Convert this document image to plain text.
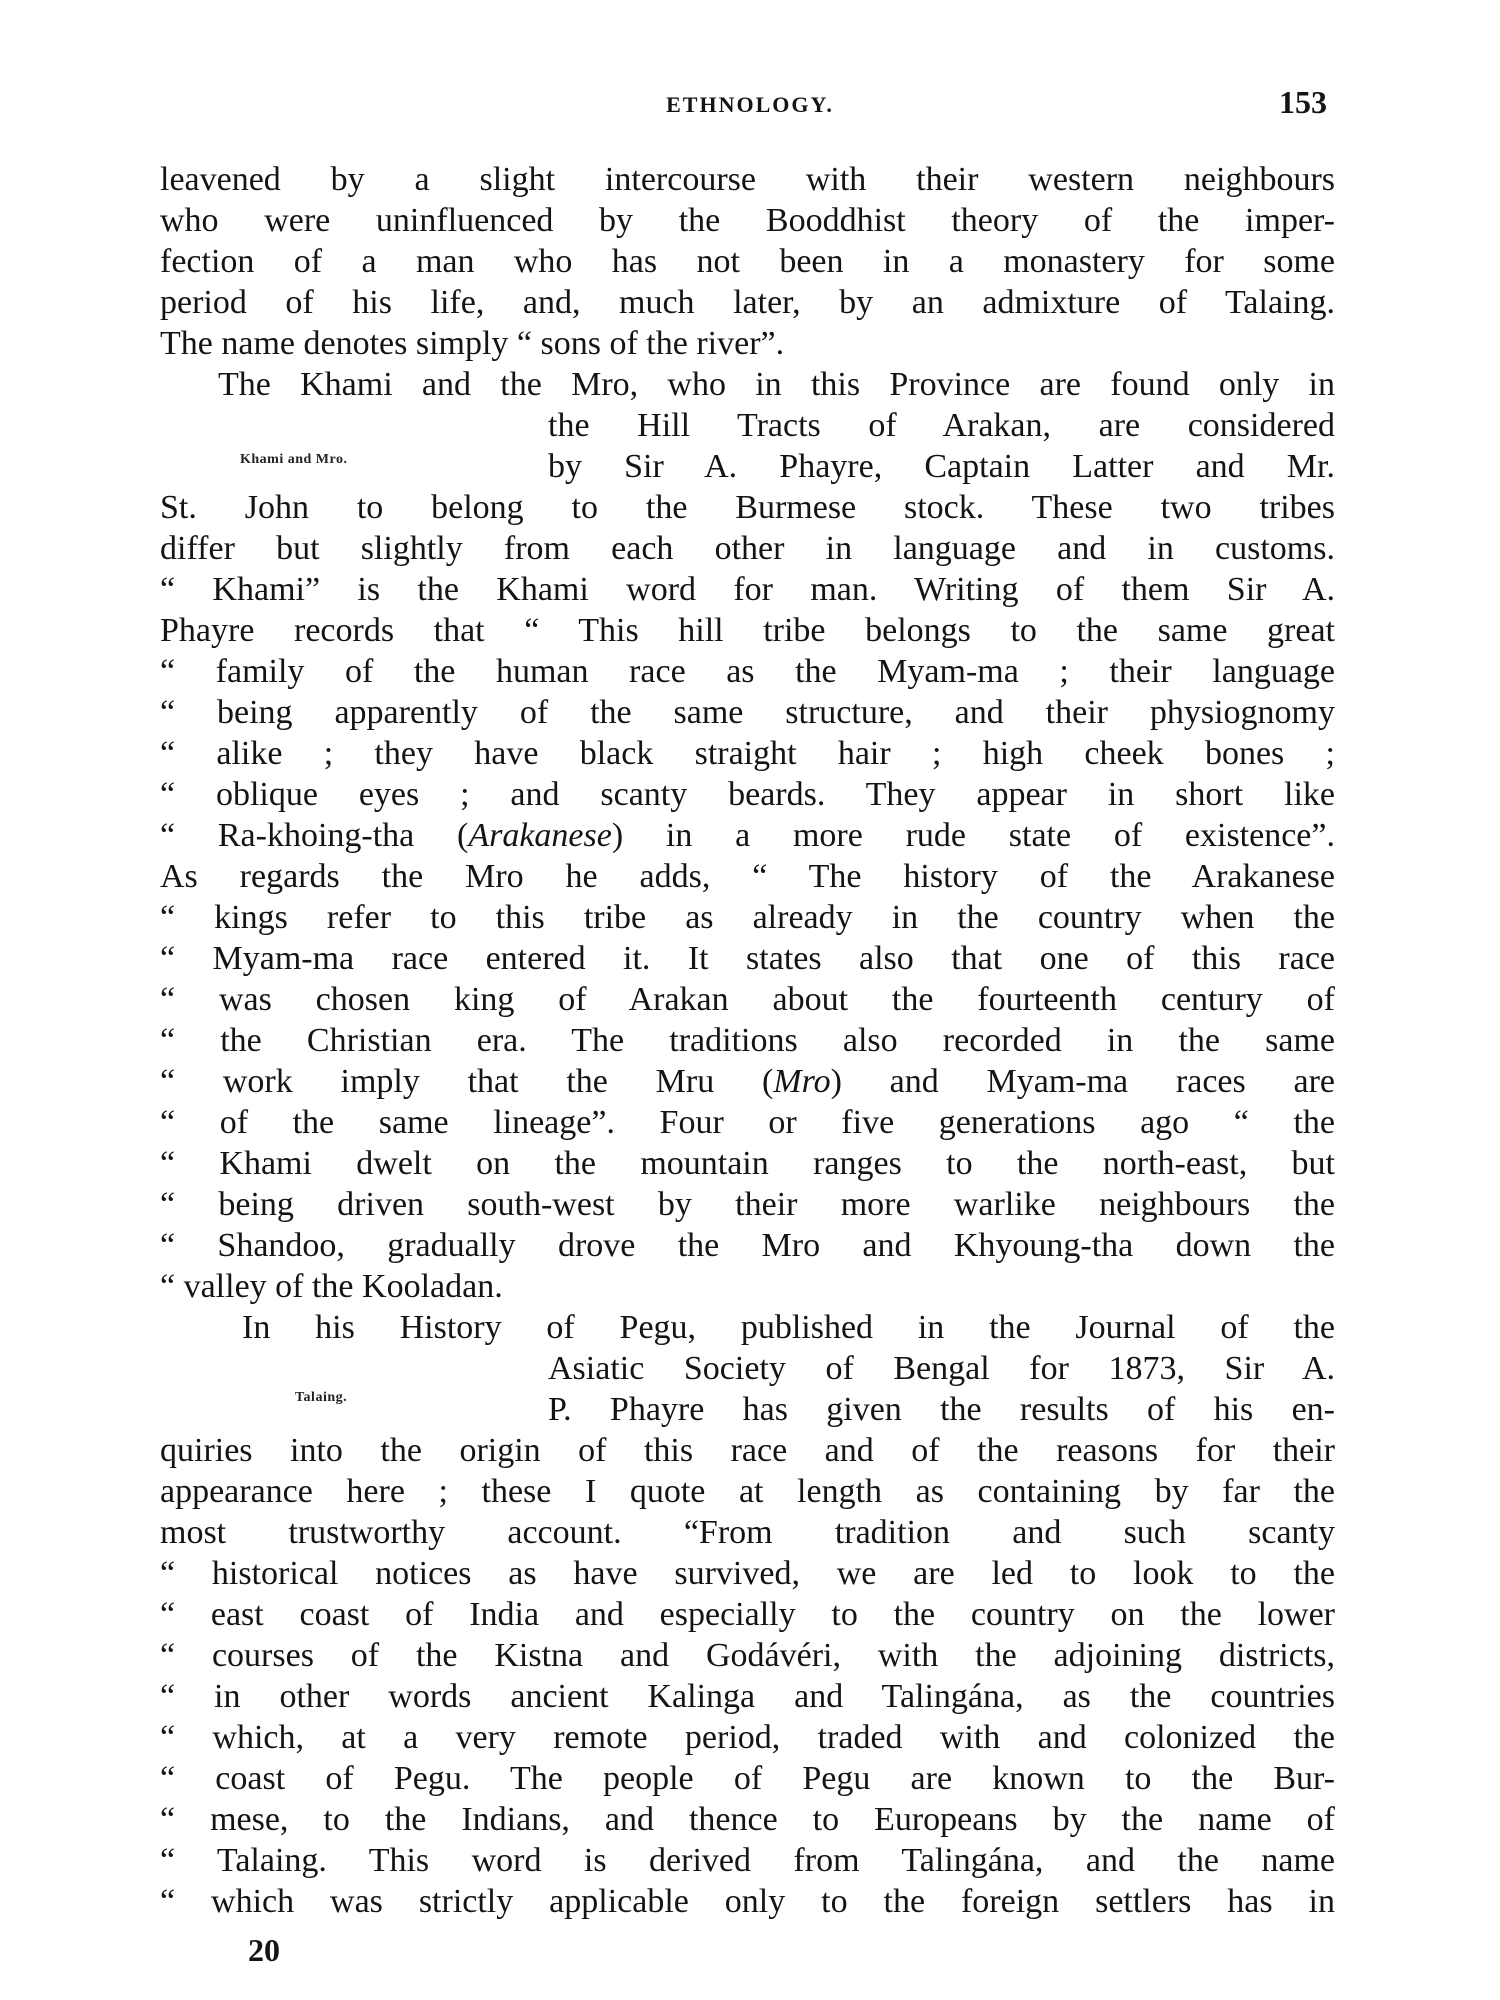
ETHNOLOGY.	153
Khami and Mro.
Talaing.
leavened by a slight intercourse with their western neighbours
who were uninfluenced by the Booddhist theory of the imper-
fection of a man who has not been in a monastery for some
period of his life, and, much later, by an admixture of Talaing.
The name denotes simply “ sons of the river”.
The Khami and the Mro, who in this Province are found only in
the Hill Tracts of Arakan, are considered
by Sir A. Phayre, Captain Latter and Mr.
St. John to belong to the Burmese stock. These two tribes
differ but slightly from each other in language and in customs.
“ Khami” is the Khami word for man. Writing of them Sir A.
Phayre records that “ This hill tribe belongs to the same great
“ family of the human race as the Myam-ma ; their language
“ being apparently of the same structure, and their physiognomy
“ alike ; they have black straight hair ; high cheek bones ;
“ oblique eyes ; and scanty beards. They appear in short like
“ Ra-khoing-tha (Arakanese) in a more rude state of existence”.
As regards the Mro he adds, “ The history of the Arakanese
“ kings refer to this tribe as already in the country when the
“ Myam-ma race entered it. It states also that one of this race
“ was chosen king of Arakan about the fourteenth century of
“ the Christian era. The traditions also recorded in the same
“ work imply that the Mru (Mro) and Myam-ma races are
“ of the same lineage”. Four or five generations ago “ the
“ Khami dwelt on the mountain ranges to the north-east, but
“ being driven south-west by their more warlike neighbours the
“ Shandoo, gradually drove the Mro and Khyoung-tha down the
“ valley of the Kooladan.
In his History of Pegu, published in the Journal of the
Asiatic Society of Bengal for 1873, Sir A.
P. Phayre has given the results of his en-
quiries into the origin of this race and of the reasons for their
appearance here ; these I quote at length as containing by far the
most trustworthy account. “From tradition and such scanty
“ historical notices as have survived, we are led to look to the
“ east coast of India and especially to the country on the lower
“ courses of the Kistna and Godávéri, with the adjoining districts,
“ in other words ancient Kalinga and Talingána, as the countries
“ which, at a very remote period, traded with and colonized the
“ coast of Pegu. The people of Pegu are known to the Bur-
“ mese, to the Indians, and thence to Europeans by the name of
“ Talaing. This word is derived from Talingána, and the name
“ which was strictly applicable only to the foreign settlers has in
20
